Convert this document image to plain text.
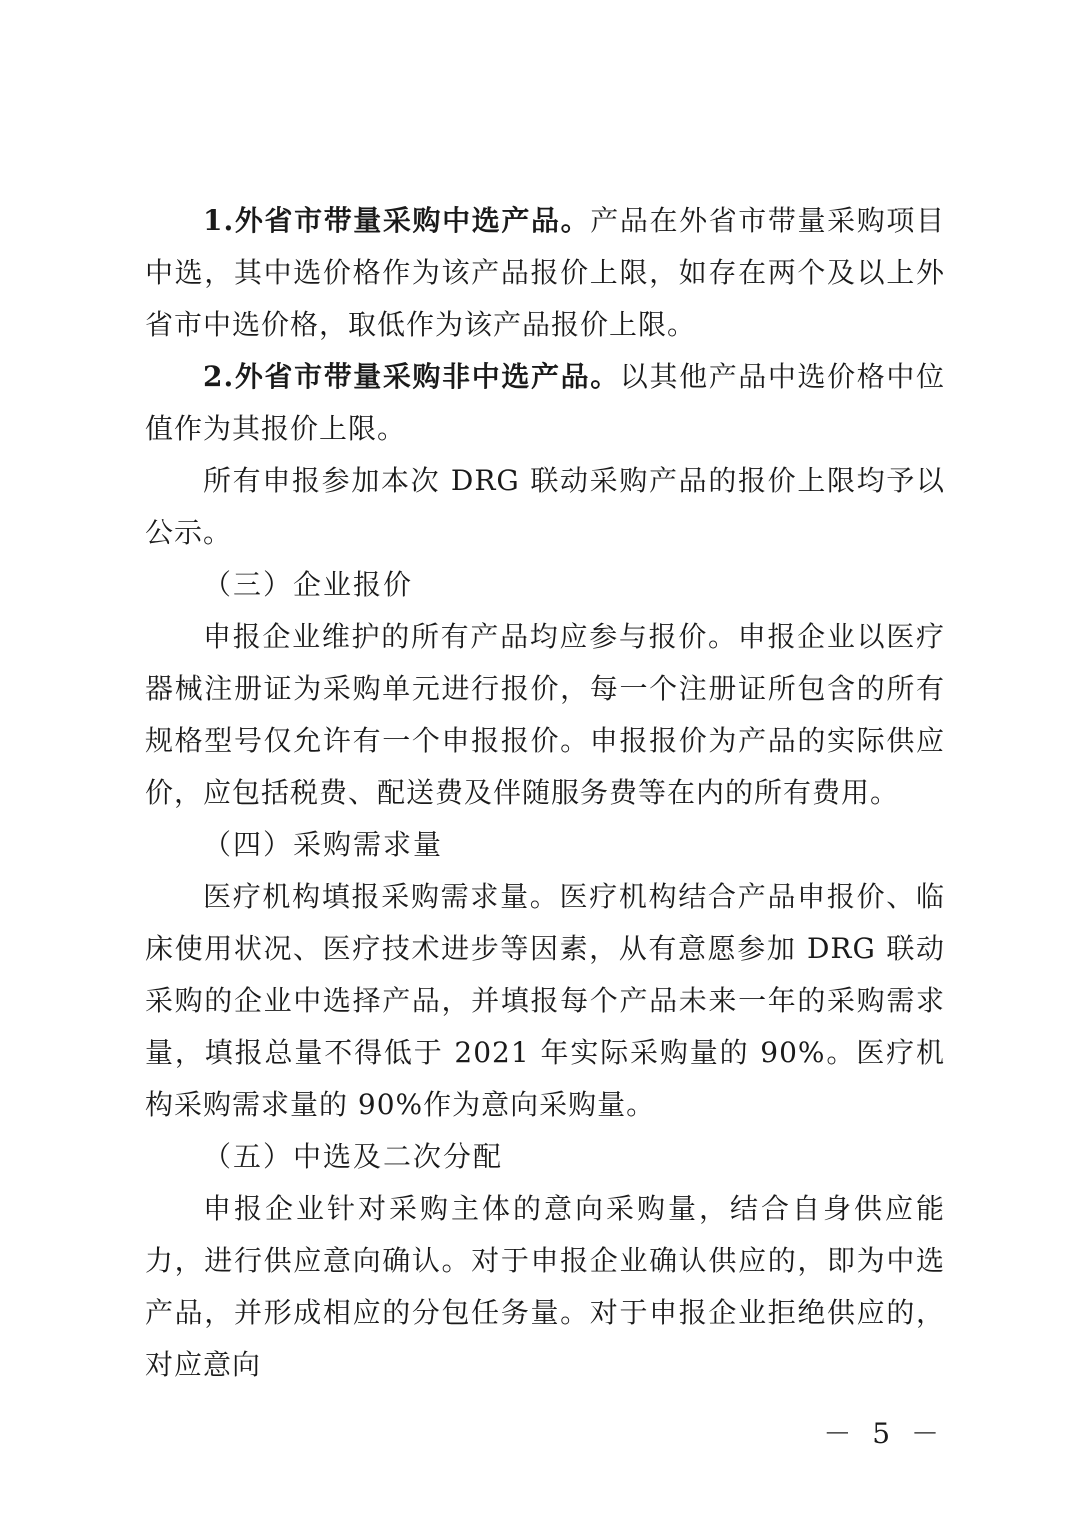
1.外省市带量采购中选产品。产品在外省市带量采购项目中选，其中选价格作为该产品报价上限，如存在两个及以上外省市中选价格，取低作为该产品报价上限。

2.外省市带量采购非中选产品。以其他产品中选价格中位值作为其报价上限。

所有申报参加本次 DRG 联动采购产品的报价上限均予以公示。

（三）企业报价

申报企业维护的所有产品均应参与报价。申报企业以医疗器械注册证为采购单元进行报价，每一个注册证所包含的所有规格型号仅允许有一个申报报价。申报报价为产品的实际供应价，应包括税费、配送费及伴随服务费等在内的所有费用。

（四）采购需求量

医疗机构填报采购需求量。医疗机构结合产品申报价、临床使用状况、医疗技术进步等因素，从有意愿参加 DRG 联动采购的企业中选择产品，并填报每个产品未来一年的采购需求量，填报总量不得低于 2021 年实际采购量的 90%。医疗机构采购需求量的 90%作为意向采购量。

（五）中选及二次分配

申报企业针对采购主体的意向采购量，结合自身供应能力，进行供应意向确认。对于申报企业确认供应的，即为中选产品，并形成相应的分包任务量。对于申报企业拒绝供应的，对应意向

－ 5 －
